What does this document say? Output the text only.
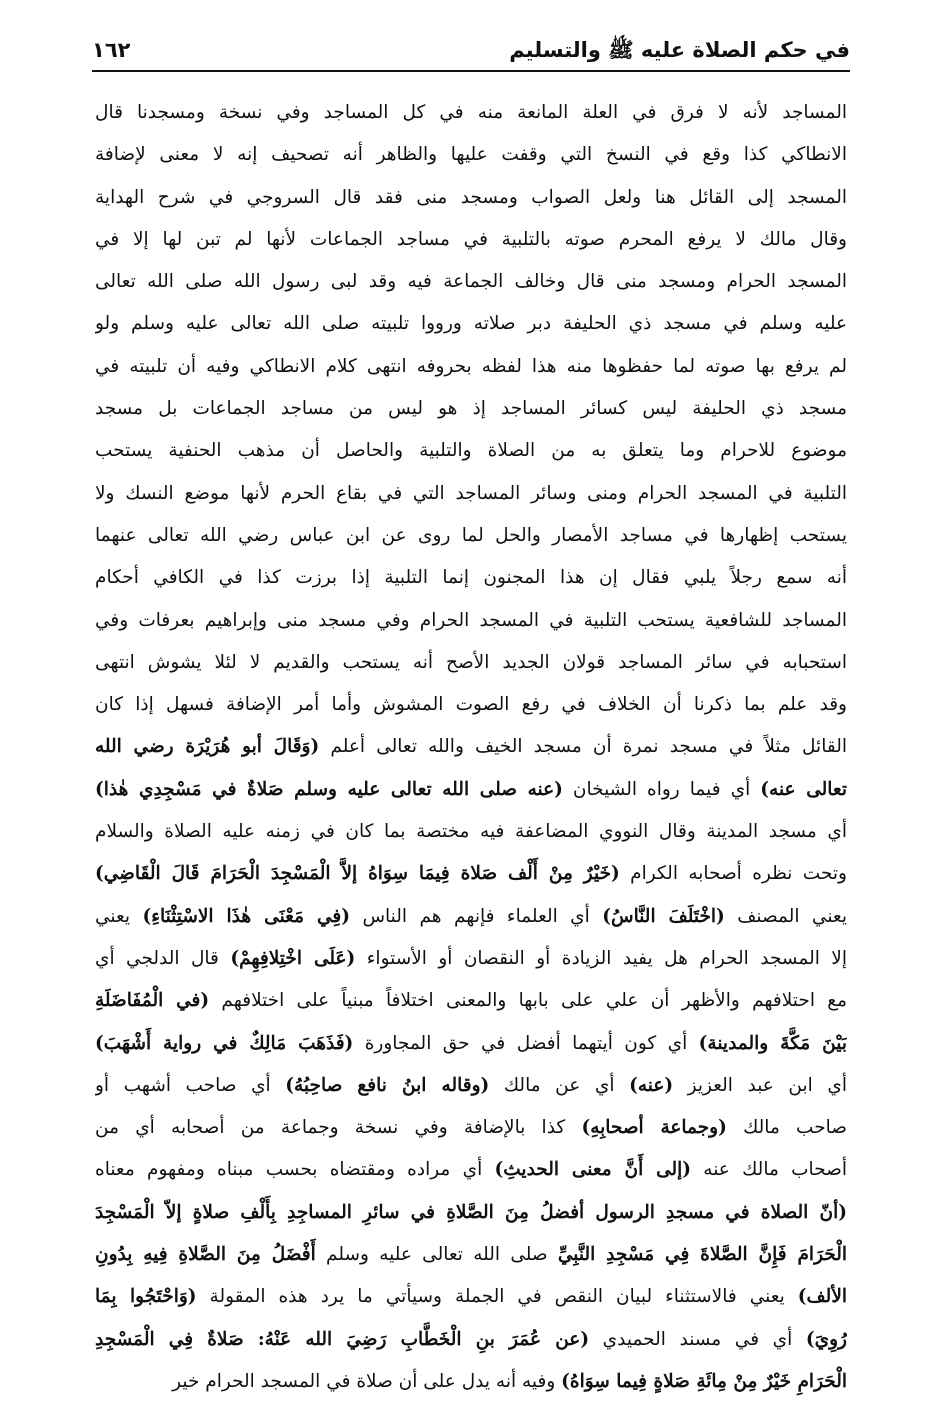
في حكم الصلاة عليه ﷺ والتسليم
١٦٢
المساجد لأنه لا فرق في العلة المانعة منه في كل المساجد وفي نسخة ومسجدنا قال
الانطاكي كذا وقع في النسخ التي وقفت عليها والظاهر أنه تصحيف إنه لا معنى لإضافة
المسجد إلى القائل هنا ولعل الصواب ومسجد منى فقد قال السروجي في شرح الهداية
وقال مالك لا يرفع المحرم صوته بالتلبية في مساجد الجماعات لأنها لم تبن لها إلا في
المسجد الحرام ومسجد منى قال وخالف الجماعة فيه وقد لبى رسول الله صلى الله تعالى
عليه وسلم في مسجد ذي الحليفة دبر صلاته ورووا تلبيته صلى الله تعالى عليه وسلم ولو
لم يرفع بها صوته لما حفظوها منه هذا لفظه بحروفه انتهى كلام الانطاكي وفيه أن تلبيته في
مسجد ذي الحليفة ليس كسائر المساجد إذ هو ليس من مساجد الجماعات بل مسجد
موضوع للاحرام وما يتعلق به من الصلاة والتلبية والحاصل أن مذهب الحنفية يستحب
التلبية في المسجد الحرام ومنى وسائر المساجد التي في بقاع الحرم لأنها موضع النسك ولا
يستحب إظهارها في مساجد الأمصار والحل لما روى عن ابن عباس رضي الله تعالى عنهما
أنه سمع رجلاً يلبي فقال إن هذا المجنون إنما التلبية إذا برزت كذا في الكافي أحكام
المساجد للشافعية يستحب التلبية في المسجد الحرام وفي مسجد منى وإبراهيم بعرفات وفي
استحبابه في سائر المساجد قولان الجديد الأصح أنه يستحب والقديم لا لئلا يشوش انتهى
وقد علم بما ذكرنا أن الخلاف في رفع الصوت المشوش وأما أمر الإضافة فسهل إذا كان
القائل مثلاً في مسجد نمرة أن مسجد الخيف والله تعالى أعلم (وَقَالَ أبو هُرَيْرَة رضي الله
تعالى عنه) أي فيما رواه الشيخان (عنه صلى الله تعالى عليه وسلم صَلاةٌ في مَسْجِدِي هٰذا)
أي مسجد المدينة وقال النووي المضاعفة فيه مختصة بما كان في زمنه عليه الصلاة والسلام
وتحت نظره أصحابه الكرام (خَيْرٌ مِنْ أَلْف صَلاة فِيمَا سِوَاهُ إلاَّ الْمَسْجِدَ الْحَرَامَ قَالَ الْقَاضِي)
يعني المصنف (اخْتَلَفَ النَّاسُ) أي العلماء فإنهم هم الناس (فِي مَعْنَى هٰذَا الاسْتِثْنَاءِ) يعني
إلا المسجد الحرام هل يفيد الزيادة أو النقصان أو الأستواء (عَلَى اخْتِلافِهِمْ) قال الدلجي أي
مع احتلافهم والأظهر أن علي على بابها والمعنى اختلافاً مبنياً على اختلافهم (في الْمُفَاضَلَةِ
بَيْنَ مَكَّةَ والمدينة) أي كون أيتهما أفضل في حق المجاورة (فَذَهَبَ مَالِكٌ في رواية أَشْهَبَ)
أي ابن عبد العزيز (عنه) أي عن مالك (وقاله ابنُ نافع صاحِبُهُ) أي صاحب أشهب أو
صاحب مالك (وجماعة أصحابِهِ) كذا بالإضافة وفي نسخة وجماعة من أصحابه أي من
أصحاب مالك عنه (إلى أَنَّ معنى الحديثِ) أي مراده ومقتضاه بحسب مبناه ومفهوم معناه
(أنّ الصلاة في مسجدِ الرسول أفضلُ مِنَ الصَّلاةِ في سائرِ المساجِدِ بِأَلْفِ صلاةٍ إلاّ الْمَسْجِدَ
الْحَرَامَ فَإِنَّ الصَّلاةَ فِي مَسْجِدِ النَّبِيِّ صلى الله تعالى عليه وسلم أَفْضَلُ مِنَ الصَّلاةِ فِيهِ بِدُونِ
الألف) يعني فالاستثناء لبيان النقص في الجملة وسيأتي ما يرد هذه المقولة (وَاحْتَجُوا بِمَا
رُوِيَ) أي في مسند الحميدي (عن عُمَرَ بنِ الْخَطَّابِ رَضِيَ الله عَنْهُ: صَلاةٌ فِي الْمَسْجِدِ
الْحَرَامِ خَيْرٌ مِنْ مِائَةِ صَلاةٍ فِيما سِوَاهُ) وفيه أنه يدل على أن صلاة في المسجد الحرام خير
